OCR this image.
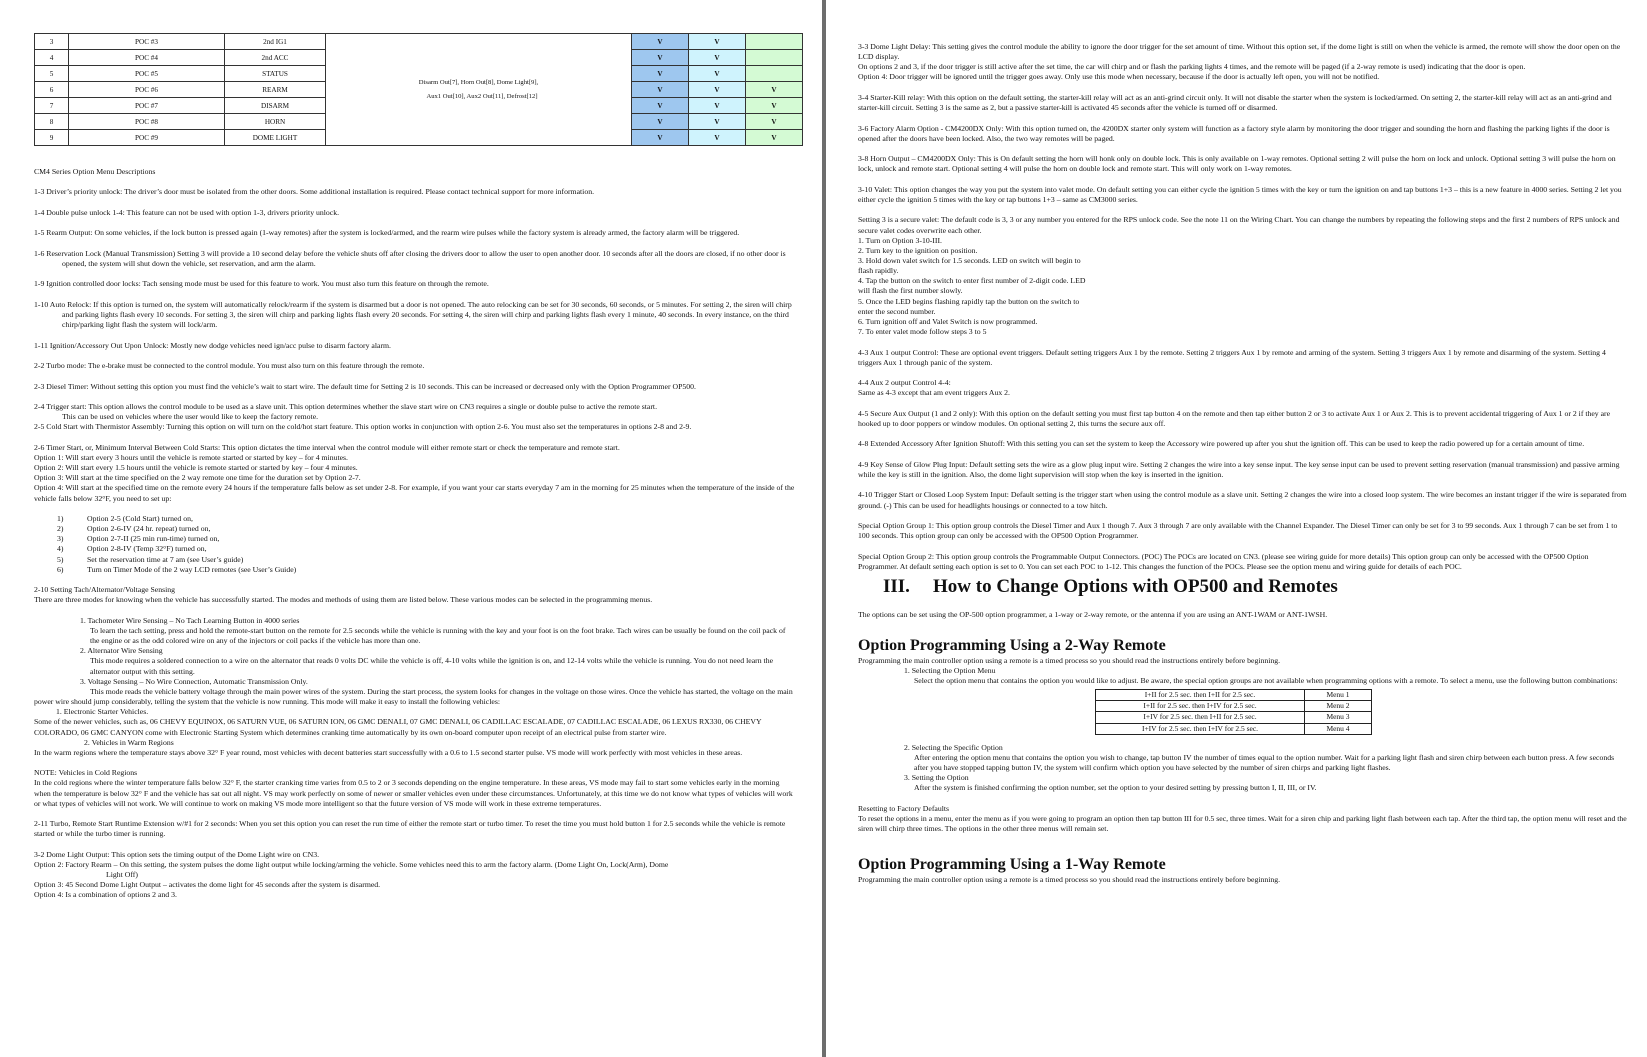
3	POC #3	2nd IG1	Disarm Out[7], Horn Out[8], Dome Light[9],
Aux1 Out[10], Aux2 Out[11], Defrost[12]	V	V	
4	POC #4	2nd ACC		V	V	
5	POC #5	STATUS		V	V	
6	POC #6	REARM		V	V	V
7	POC #7	DISARM		V	V	V
8	POC #8	HORN		V	V	V
9	POC #9	DOME LIGHT		V	V	V
CM4 Series Option Menu Descriptions
1-3 Driver’s priority unlock: The driver’s door must be isolated from the other doors. Some additional installation is required. Please contact technical support for more information.
1-4 Double pulse unlock 1-4: This feature can not be used with option 1-3, drivers priority unlock.
1-5 Rearm Output: On some vehicles, if the lock button is pressed again (1-way remotes) after the system is locked/armed, and the rearm wire pulses while the factory system is already armed, the factory alarm will be triggered.
1-6 Reservation Lock (Manual Transmission) Setting 3 will provide a 10 second delay before the vehicle shuts off after closing the drivers door to allow the user to open another door. 10 seconds after all the doors are closed, if no other door is opened, the system will shut down the vehicle, set reservation, and arm the alarm.
1-9 Ignition controlled door locks: Tach sensing mode must be used for this feature to work. You must also turn this feature on through the remote.
1-10 Auto Relock: If this option is turned on, the system will automatically relock/rearm if the system is disarmed but a door is not opened. The auto relocking can be set for 30 seconds, 60 seconds, or 5 minutes. For setting 2, the siren will chirp and parking lights flash every 10 seconds. For setting 3, the siren will chirp and parking lights flash every 20 seconds. For setting 4, the siren will chirp and parking lights flash every 1 minute, 40 seconds. In every instance, on the third chirp/parking light flash the system will lock/arm.
1-11 Ignition/Accessory Out Upon Unlock: Mostly new dodge vehicles need ign/acc pulse to disarm factory alarm.
2-2 Turbo mode: The e-brake must be connected to the control module. You must also turn on this feature through the remote.
2-3 Diesel Timer: Without setting this option you must find the vehicle’s wait to start wire. The default time for Setting 2 is 10 seconds. This can be increased or decreased only with the Option Programmer OP500.
2-4 Trigger start: This option allows the control module to be used as a slave unit. This option determines whether the slave start wire on CN3 requires a single or double pulse to active the remote start.
This can be used on vehicles where the user would like to keep the factory remote.
2-5 Cold Start with Thermistor Assembly: Turning this option on will turn on the cold/hot start feature. This option works in conjunction with option 2-6. You must also set the temperatures in options 2-8 and 2-9.
2-6 Timer Start, or, Minimum Interval Between Cold Starts: This option dictates the time interval when the control module will either remote start or check the temperature and remote start.
Option 1: Will start every 3 hours until the vehicle is remote started or started by key – for 4 minutes.
Option 2: Will start every 1.5 hours until the vehicle is remote started or started by key – four 4 minutes.
Option 3: Will start at the time specified on the 2 way remote one time for the duration set by Option 2-7.
Option 4: Will start at the specified time on the remote every 24 hours if the temperature falls below as set under 2-8. For example, if you want your car starts everyday 7 am in the morning for 25 minutes when the temperature of the inside of the vehicle falls below 32°F, you need to set up:
1)	Option 2-5 (Cold Start) turned on,
2)	Option 2-6-IV (24 hr. repeat) turned on,
3)	Option 2-7-II (25 min run-time) turned on,
4)	Option 2-8-IV (Temp 32°F) turned on,
5)	Set the reservation time at 7 am (see User’s guide)
6)	Turn on Timer Mode of the 2 way LCD remotes (see User’s Guide)
2-10 Setting Tach/Alternator/Voltage Sensing
There are three modes for knowing when the vehicle has successfully started. The modes and methods of using them are listed below. These various modes can be selected in the programming menus.
1. Tachometer Wire Sensing – No Tach Learning Button in 4000 series
To learn the tach setting, press and hold the remote-start button on the remote for 2.5 seconds while the vehicle is running with the key and your foot is on the foot brake. Tach wires can be usually be found on the coil pack of the engine or as the odd colored wire on any of the injectors or coil packs if the vehicle has more than one.
2. Alternator Wire Sensing
This mode requires a soldered connection to a wire on the alternator that reads 0 volts DC while the vehicle is off, 4-10 volts while the ignition is on, and 12-14 volts while the vehicle is running. You do not need learn the alternator output with this setting.
3. Voltage Sensing – No Wire Connection, Automatic Transmission Only.
This mode reads the vehicle battery voltage through the main power wires of the system. During the start process, the system looks for changes in the voltage on those wires. Once the vehicle has started, the voltage on the main power wire should jump considerably, telling the system that the vehicle is now running. This mode will make it easy to install the following vehicles:
1. Electronic Starter Vehicles.
Some of the newer vehicles, such as, 06 CHEVY EQUINOX, 06 SATURN VUE, 06 SATURN ION, 06 GMC DENALI, 07 GMC DENALI, 06 CADILLAC ESCALADE, 07 CADILLAC ESCALADE, 06 LEXUS RX330, 06 CHEVY COLORADO, 06 GMC CANYON come with Electronic Starting System which determines cranking time automatically by its own on-board computer upon receipt of an electrical pulse from starter wire.
2. Vehicles in Warm Regions
In the warm regions where the temperature stays above 32° F year round, most vehicles with decent batteries start successfully with a 0.6 to 1.5 second starter pulse. VS mode will work perfectly with most vehicles in these areas.
NOTE: Vehicles in Cold Regions
In the cold regions where the winter temperature falls below 32° F, the starter cranking time varies from 0.5 to 2 or 3 seconds depending on the engine temperature. In these areas, VS mode may fail to start some vehicles early in the morning when the temperature is below 32° F and the vehicle has sat out all night. VS may work perfectly on some of newer or smaller vehicles even under these circumstances. Unfortunately, at this time we do not know what types of vehicles will work or what types of vehicles will not work. We will continue to work on making VS mode more intelligent so that the future version of VS mode will work in these extreme temperatures.
2-11 Turbo, Remote Start Runtime Extension w/#1 for 2 seconds: When you set this option you can reset the run time of either the remote start or turbo timer. To reset the time you must hold button 1 for 2.5 seconds while the vehicle is remote started or while the turbo timer is running.
3-2 Dome Light Output: This option sets the timing output of the Dome Light wire on CN3.
Option 2: Factory Rearm – On this setting, the system pulses the dome light output while locking/arming the vehicle. Some vehicles need this to arm the factory alarm. (Dome Light On, Lock(Arm), Dome
Light Off)
Option 3: 45 Second Dome Light Output – activates the dome light for 45 seconds after the system is disarmed.
Option 4: Is a combination of options 2 and 3.
3-3 Dome Light Delay: This setting gives the control module the ability to ignore the door trigger for the set amount of time. Without this option set, if the dome light is still on when the vehicle is armed, the remote will show the door open on the LCD display.
On options 2 and 3, if the door trigger is still active after the set time, the car will chirp and or flash the parking lights 4 times, and the remote will be paged (if a 2-way remote is used) indicating that the door is open.
Option 4: Door trigger will be ignored until the trigger goes away. Only use this mode when necessary, because if the door is actually left open, you will not be notified.
3-4 Starter-Kill relay: With this option on the default setting, the starter-kill relay will act as an anti-grind circuit only. It will not disable the starter when the system is locked/armed. On setting 2, the starter-kill relay will act as an anti-grind and starter-kill circuit. Setting 3 is the same as 2, but a passive starter-kill is activated 45 seconds after the vehicle is turned off or disarmed.
3-6 Factory Alarm Option - CM4200DX Only: With this option turned on, the 4200DX starter only system will function as a factory style alarm by monitoring the door trigger and sounding the horn and flashing the parking lights if the door is opened after the doors have been locked. Also, the two way remotes will be paged.
3-8 Horn Output – CM4200DX Only: This is On default setting the horn will honk only on double lock. This is only available on 1-way remotes. Optional setting 2 will pulse the horn on lock and unlock. Optional setting 3 will pulse the horn on lock, unlock and remote start. Optional setting 4 will pulse the horn on double lock and remote start. This will only work on 1-way remotes.
3-10 Valet: This option changes the way you put the system into valet mode. On default setting you can either cycle the ignition 5 times with the key or turn the ignition on and tap buttons 1+3 – this is a new feature in 4000 series. Setting 2 let you either cycle the ignition 5 times with the key or tap buttons 1+3 – same as CM3000 series.
Setting 3 is a secure valet: The default code is 3, 3 or any number you entered for the RPS unlock code. See the note 11 on the Wiring Chart. You can change the numbers by repeating the following steps and the first 2 numbers of RPS unlock and secure valet codes overwrite each other.
1. Turn on Option 3-10-III.
2. Turn key to the ignition on position.
3. Hold down valet switch for 1.5 seconds. LED on switch will begin to
flash rapidly.
4. Tap the button on the switch to enter first number of 2-digit code. LED
will flash the first number slowly.
5. Once the LED begins flashing rapidly tap the button on the switch to
enter the second number.
6. Turn ignition off and Valet Switch is now programmed.
7. To enter valet mode follow steps 3 to 5
4-3 Aux 1 output Control: These are optional event triggers. Default setting triggers Aux 1 by the remote. Setting 2 triggers Aux 1 by remote and arming of the system. Setting 3 triggers Aux 1 by remote and disarming of the system. Setting 4 triggers Aux 1 through panic of the system.
4-4 Aux 2 output Control 4-4:
Same as 4-3 except that am event triggers Aux 2.
4-5 Secure Aux Output (1 and 2 only): With this option on the default setting you must first tap button 4 on the remote and then tap either button 2 or 3 to activate Aux 1 or Aux 2. This is to prevent accidental triggering of Aux 1 or 2 if they are hooked up to door poppers or window modules. On optional setting 2, this turns the secure aux off.
4-8 Extended Accessory After Ignition Shutoff: With this setting you can set the system to keep the Accessory wire powered up after you shut the ignition off. This can be used to keep the radio powered up for a certain amount of time.
4-9 Key Sense of Glow Plug Input: Default setting sets the wire as a glow plug input wire. Setting 2 changes the wire into a key sense input. The key sense input can be used to prevent setting reservation (manual transmission) and passive arming while the key is still in the ignition. Also, the dome light supervision will stop when the key is inserted in the ignition.
4-10 Trigger Start or Closed Loop System Input: Default setting is the trigger start when using the control module as a slave unit. Setting 2 changes the wire into a closed loop system. The wire becomes an instant trigger if the wire is separated from ground. (-) This can be used for headlights housings or connected to a tow hitch.
Special Option Group 1: This option group controls the Diesel Timer and Aux 1 though 7. Aux 3 through 7 are only available with the Channel Expander. The Diesel Timer can only be set for 3 to 99 seconds. Aux 1 through 7 can be set from 1 to 100 seconds. This option group can only be accessed with the OP500 Option Programmer.
Special Option Group 2: This option group controls the Programmable Output Connectors. (POC) The POCs are located on CN3. (please see wiring guide for more details) This option group can only be accessed with the OP500 Option Programmer. At default setting each option is set to 0. You can set each POC to 1-12. This changes the function of the POCs. Please see the option menu and wiring guide for details of each POC.
III. How to Change Options with OP500 and Remotes
The options can be set using the OP-500 option programmer, a 1-way or 2-way remote, or the antenna if you are using an ANT-1WAM or ANT-1WSH.
Option Programming Using a 2-Way Remote
Programming the main controller option using a remote is a timed process so you should read the instructions entirely before beginning.
1. Selecting the Option Menu
Select the option menu that contains the option you would like to adjust. Be aware, the special option groups are not available when programming options with a remote. To select a menu, use the following button combinations:
I+II for 2.5 sec. then I+II for 2.5 sec.	Menu 1
I+II for 2.5 sec. then I+IV for 2.5 sec.	Menu 2
I+IV for 2.5 sec. then I+II for 2.5 sec.	Menu 3
I+IV for 2.5 sec. then I+IV for 2.5 sec.	Menu 4
2. Selecting the Specific Option
After entering the option menu that contains the option you wish to change, tap button IV the number of times equal to the option number. Wait for a parking light flash and siren chirp between each button press. A few seconds after you have stopped tapping button IV, the system will confirm which option you have selected by the number of siren chirps and parking light flashes.
3. Setting the Option
After the system is finished confirming the option number, set the option to your desired setting by pressing button I, II, III, or IV.
Resetting to Factory Defaults
To reset the options in a menu, enter the menu as if you were going to program an option then tap button III for 0.5 sec, three times. Wait for a siren chip and parking light flash between each tap. After the third tap, the option menu will reset and the siren will chirp three times. The options in the other three menus will remain set.
Option Programming Using a 1-Way Remote
Programming the main controller option using a remote is a timed process so you should read the instructions entirely before beginning.
